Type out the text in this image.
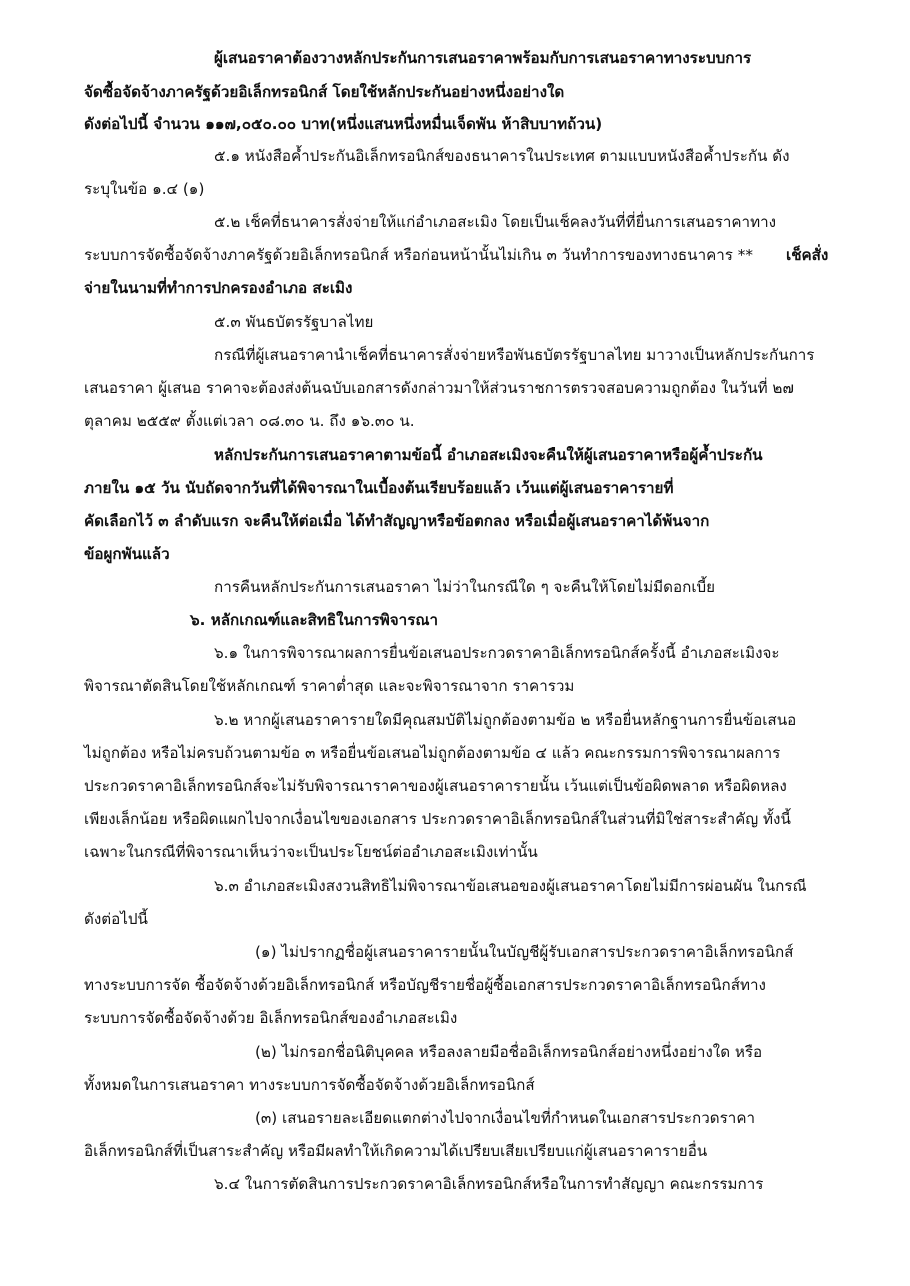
ผู้เสนอราคาต้องวางหลักประกันการเสนอราคาพร้อมกับการเสนอราคาทางระบบการ

จัดซื้อจัดจ้างภาครัฐด้วยอิเล็กทรอนิกส์ โดยใช้หลักประกันอย่างหนึ่งอย่างใด

ดังต่อไปนี้ จำนวน ๑๑๗,๐๕๐.๐๐ บาท(หนึ่งแสนหนึ่งหมื่นเจ็ดพัน ห้าสิบบาทถ้วน)

๕.๑ หนังสือค้ำประกันอิเล็กทรอนิกส์ของธนาคารในประเทศ ตามแบบหนังสือค้ำประกัน ดัง

ระบุในข้อ ๑.๔ (๑)

๕.๒ เช็คที่ธนาคารสั่งจ่ายให้แก่อำเภอสะเมิง โดยเป็นเช็คลงวันที่ที่ยื่นการเสนอราคาทาง

ระบบการจัดซื้อจัดจ้างภาครัฐด้วยอิเล็กทรอนิกส์ หรือก่อนหน้านั้นไม่เกิน ๓ วันทำการของทางธนาคาร ** เช็คสั่ง

จ่ายในนามที่ทำการปกครองอำเภอ สะเมิง

๕.๓ พันธบัตรรัฐบาลไทย

กรณีที่ผู้เสนอราคานำเช็คที่ธนาคารสั่งจ่ายหรือพันธบัตรรัฐบาลไทย มาวางเป็นหลักประกันการ

เสนอราคา ผู้เสนอ ราคาจะต้องส่งต้นฉบับเอกสารดังกล่าวมาให้ส่วนราชการตรวจสอบความถูกต้อง ในวันที่ ๒๗

ตุลาคม ๒๕๕๙ ตั้งแต่เวลา ๐๘.๓๐ น. ถึง ๑๖.๓๐ น.

หลักประกันการเสนอราคาตามข้อนี้ อำเภอสะเมิงจะคืนให้ผู้เสนอราคาหรือผู้ค้ำประกัน

ภายใน ๑๕ วัน นับถัดจากวันที่ได้พิจารณาในเบื้องต้นเรียบร้อยแล้ว เว้นแต่ผู้เสนอราคารายที่

คัดเลือกไว้ ๓ ลำดับแรก จะคืนให้ต่อเมื่อ ได้ทำสัญญาหรือข้อตกลง หรือเมื่อผู้เสนอราคาได้พ้นจาก

ข้อผูกพันแล้ว

การคืนหลักประกันการเสนอราคา ไม่ว่าในกรณีใด ๆ จะคืนให้โดยไม่มีดอกเบี้ย

๖. หลักเกณฑ์และสิทธิในการพิจารณา

๖.๑ ในการพิจารณาผลการยื่นข้อเสนอประกวดราคาอิเล็กทรอนิกส์ครั้งนี้ อำเภอสะเมิงจะ

พิจารณาตัดสินโดยใช้หลักเกณฑ์ ราคาต่ำสุด และจะพิจารณาจาก ราคารวม

๖.๒ หากผู้เสนอราคารายใดมีคุณสมบัติไม่ถูกต้องตามข้อ ๒ หรือยื่นหลักฐานการยื่นข้อเสนอ

ไม่ถูกต้อง หรือไม่ครบถ้วนตามข้อ ๓ หรือยื่นข้อเสนอไม่ถูกต้องตามข้อ ๔ แล้ว คณะกรรมการพิจารณาผลการ

ประกวดราคาอิเล็กทรอนิกส์จะไม่รับพิจารณาราคาของผู้เสนอราคารายนั้น เว้นแต่เป็นข้อผิดพลาด หรือผิดหลง

เพียงเล็กน้อย หรือผิดแผกไปจากเงื่อนไขของเอกสาร ประกวดราคาอิเล็กทรอนิกส์ในส่วนที่มิใช่สาระสำคัญ ทั้งนี้

เฉพาะในกรณีที่พิจารณาเห็นว่าจะเป็นประโยชน์ต่ออำเภอสะเมิงเท่านั้น

๖.๓ อำเภอสะเมิงสงวนสิทธิไม่พิจารณาข้อเสนอของผู้เสนอราคาโดยไม่มีการผ่อนผัน ในกรณี

ดังต่อไปนี้

(๑) ไม่ปรากฏชื่อผู้เสนอราคารายนั้นในบัญชีผู้รับเอกสารประกวดราคาอิเล็กทรอนิกส์

ทางระบบการจัด ซื้อจัดจ้างด้วยอิเล็กทรอนิกส์ หรือบัญชีรายชื่อผู้ซื้อเอกสารประกวดราคาอิเล็กทรอนิกส์ทาง

ระบบการจัดซื้อจัดจ้างด้วย อิเล็กทรอนิกส์ของอำเภอสะเมิง

(๒) ไม่กรอกชื่อนิติบุคคล หรือลงลายมือชื่ออิเล็กทรอนิกส์อย่างหนึ่งอย่างใด หรือ

ทั้งหมดในการเสนอราคา ทางระบบการจัดซื้อจัดจ้างด้วยอิเล็กทรอนิกส์

(๓) เสนอรายละเอียดแตกต่างไปจากเงื่อนไขที่กำหนดในเอกสารประกวดราคา

อิเล็กทรอนิกส์ที่เป็นสาระสำคัญ หรือมีผลทำให้เกิดความได้เปรียบเสียเปรียบแก่ผู้เสนอราคารายอื่น

๖.๔ ในการตัดสินการประกวดราคาอิเล็กทรอนิกส์หรือในการทำสัญญา คณะกรรมการ
